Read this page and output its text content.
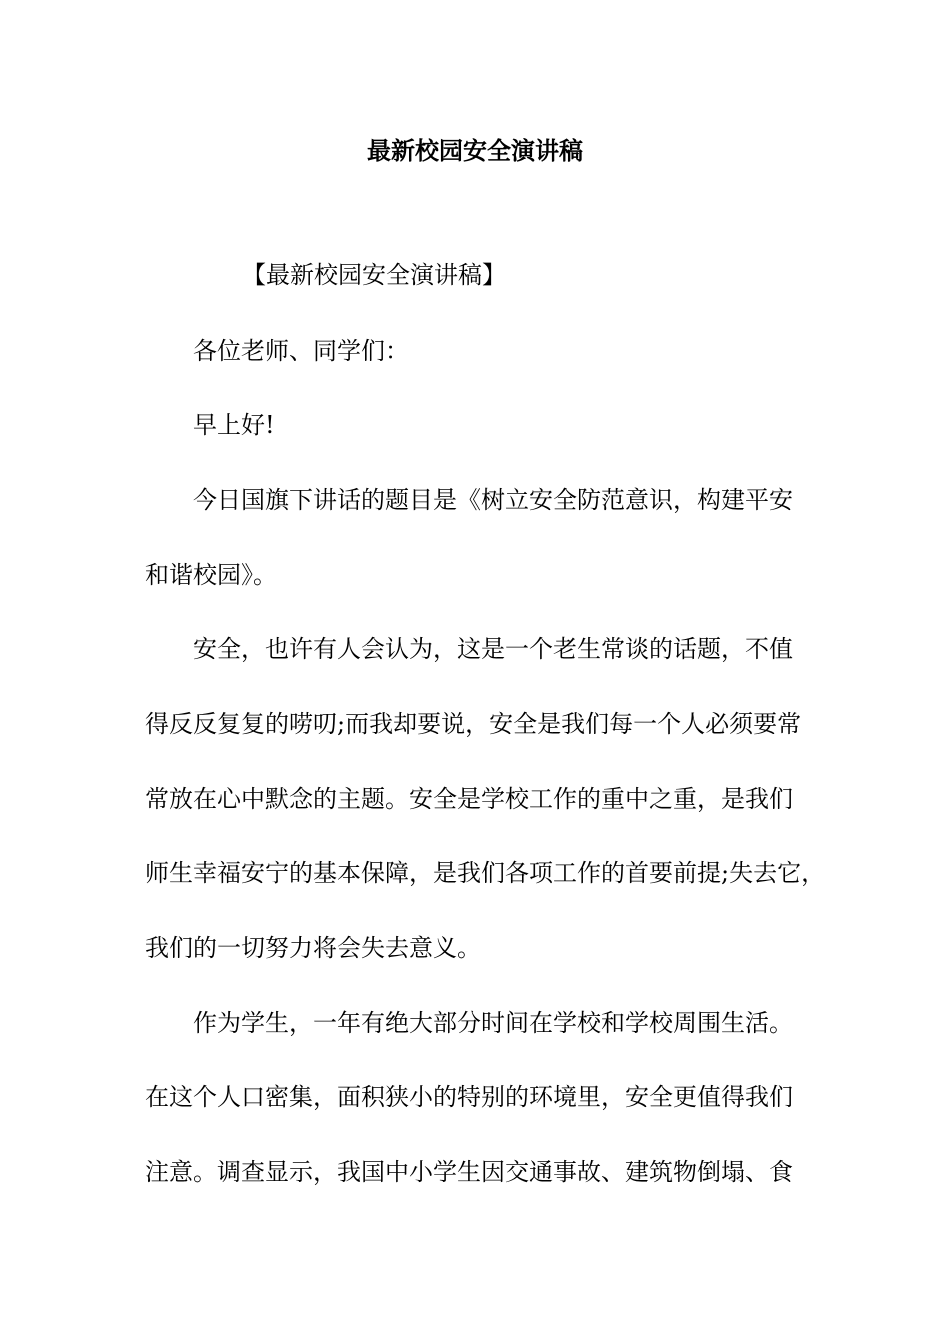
最新校园安全演讲稿
【最新校园安全演讲稿】
各位老师、同学们：
早上好!
今日国旗下讲话的题目是《树立安全防范意识，构建平安
和谐校园》。
安全，也许有人会认为，这是一个老生常谈的话题，不值
得反反复复的唠叨;而我却要说，安全是我们每一个人必须要常
常放在心中默念的主题。安全是学校工作的重中之重，是我们
师生幸福安宁的基本保障，是我们各项工作的首要前提;失去它，
我们的一切努力将会失去意义。
作为学生，一年有绝大部分时间在学校和学校周围生活。
在这个人口密集，面积狭小的特别的环境里，安全更值得我们
注意。调查显示，我国中小学生因交通事故、建筑物倒塌、食
